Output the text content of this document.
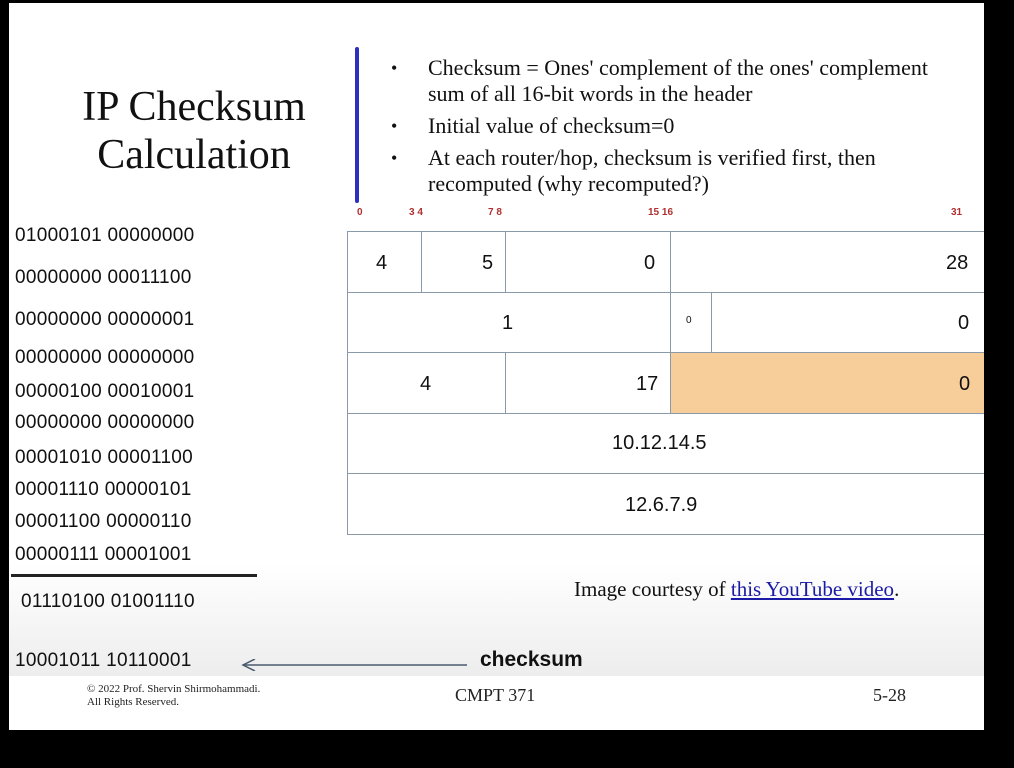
IP Checksum
Calculation
• Checksum = Ones' complement of the ones' complement sum of all 16-bit words in the header
• Initial value of checksum=0
• At each router/hop, checksum is verified first, then recomputed (why recomputed?)
0	3 4	7 8	15 16	31
4	5	0	28
1	0	0
4	17	0
10.12.14.5
12.6.7.9
01000101 00000000
00000000 00011100
00000000 00000001
00000000 00000000
00000100 00010001
00000000 00000000
00001010 00001100
00001110 00000101
00001100 00000110
00000111 00001001
01110100 01001110
10001011 10110001	checksum
Image courtesy of this YouTube video.
© 2022 Prof. Shervin Shirmohammadi.
All Rights Reserved.	CMPT 371	5-28
